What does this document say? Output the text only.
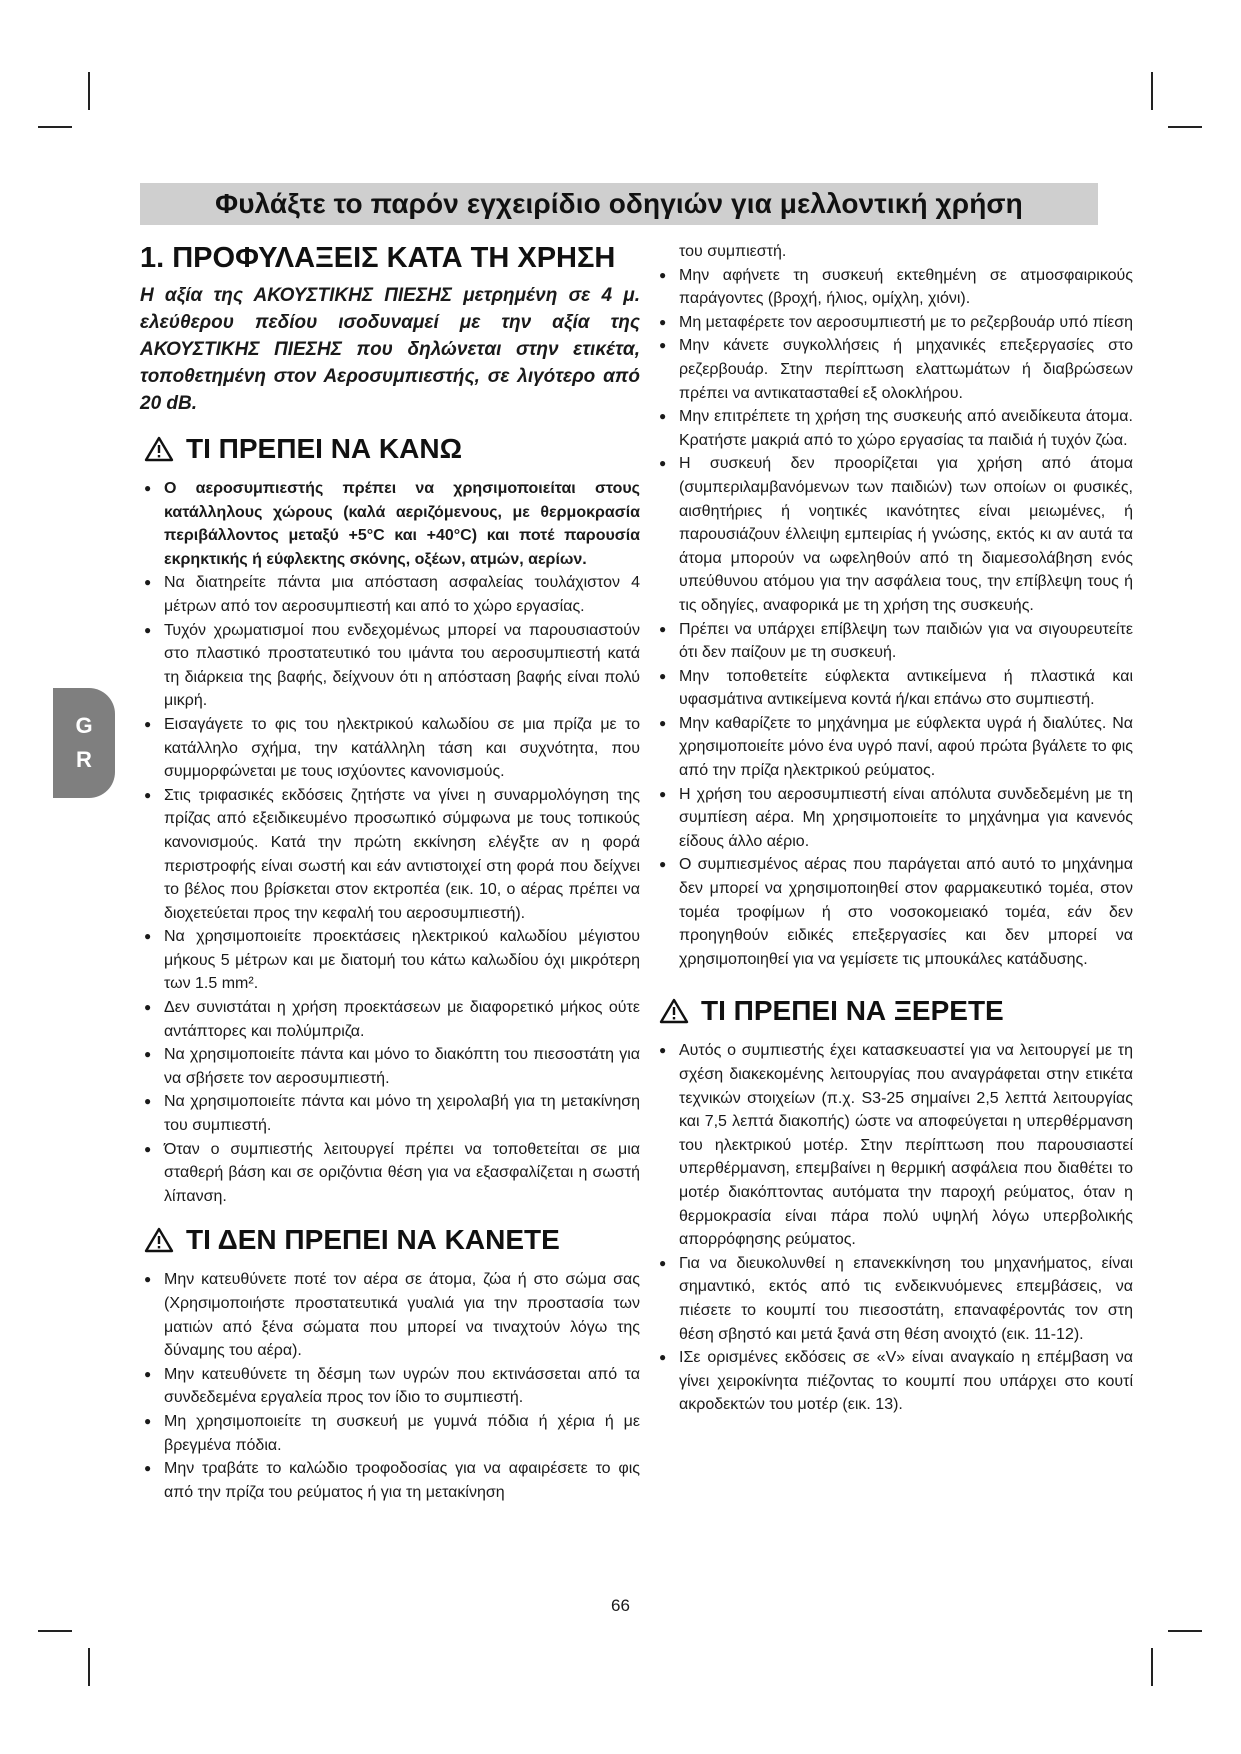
Φυλάξτε το παρόν εγχειρίδιο οδηγιών για μελλοντική χρήση
G
R
1. ΠΡΟΦΥΛΑΞΕΙΣ ΚΑΤΑ ΤΗ ΧΡΗΣΗ

Η αξία της ΑΚΟΥΣΤΙΚΗΣ ΠΙΕΣΗΣ μετρημένη σε 4 μ. ελεύθερου πεδίου ισοδυναμεί με την αξία της ΑΚΟΥΣΤΙΚΗΣ ΠΙΕΣΗΣ που δηλώνεται στην ετικέτα, τοποθετημένη στον Αεροσυμπιεστής, σε λιγότερο από 20 dB.

ΤΙ ΠΡΕΠΕΙ ΝΑ ΚΑΝΩ
● Ο αεροσυμπιεστής πρέπει να χρησιμοποιείται στους κατάλληλους χώρους (καλά αεριζόμενους, με θερμοκρασία περιβάλλοντος μεταξύ +5°C και +40°C) και ποτέ παρουσία εκρηκτικής ή εύφλεκτης σκόνης, οξέων, ατμών, αερίων.
● Να διατηρείτε πάντα μια απόσταση ασφαλείας τουλάχιστον 4 μέτρων από τον αεροσυμπιεστή και από το χώρο εργασίας.
● Τυχόν χρωματισμοί που ενδεχομένως μπορεί να παρουσιαστούν στο πλαστικό προστατευτικό του ιμάντα του αεροσυμπιεστή κατά τη διάρκεια της βαφής, δείχνουν ότι η απόσταση βαφής είναι πολύ μικρή.
● Εισαγάγετε το φις του ηλεκτρικού καλωδίου σε μια πρίζα με το κατάλληλο σχήμα, την κατάλληλη τάση και συχνότητα, που συμμορφώνεται με τους ισχύοντες κανονισμούς.
● Στις τριφασικές εκδόσεις ζητήστε να γίνει η συναρμολόγηση της πρίζας από εξειδικευμένο προσωπικό σύμφωνα με τους τοπικούς κανονισμούς. Κατά την πρώτη εκκίνηση ελέγξτε αν η φορά περιστροφής είναι σωστή και εάν αντιστοιχεί στη φορά που δείχνει το βέλος που βρίσκεται στον εκτροπέα (εικ. 10, ο αέρας πρέπει να διοχετεύεται προς την κεφαλή του αεροσυμπιεστή).
● Να χρησιμοποιείτε προεκτάσεις ηλεκτρικού καλωδίου μέγιστου μήκους 5 μέτρων και με διατομή του κάτω καλωδίου όχι μικρότερη των 1.5 mm².
● Δεν συνιστάται η χρήση προεκτάσεων με διαφορετικό μήκος ούτε αντάπτορες και πολύμπριζα.
● Να χρησιμοποιείτε πάντα και μόνο το διακόπτη του πιεσοστάτη για να σβήσετε τον αεροσυμπιεστή.
● Να χρησιμοποιείτε πάντα και μόνο τη χειρολαβή για τη μετακίνηση του συμπιεστή.
● Όταν ο συμπιεστής λειτουργεί πρέπει να τοποθετείται σε μια σταθερή βάση και σε οριζόντια θέση για να εξασφαλίζεται η σωστή λίπανση.
ΤΙ ΔΕΝ ΠΡΕΠΕΙ ΝΑ ΚΑΝΕΤΕ
● Μην κατευθύνετε ποτέ τον αέρα σε άτομα, ζώα ή στο σώμα σας (Χρησιμοποιήστε προστατευτικά γυαλιά για την προστασία των ματιών από ξένα σώματα που μπορεί να τιναχτούν λόγω της δύναμης του αέρα).
● Μην κατευθύνετε τη δέσμη των υγρών που εκτινάσσεται από τα συνδεδεμένα εργαλεία προς τον ίδιο το συμπιεστή.
● Μη χρησιμοποιείτε τη συσκευή με γυμνά πόδια ή χέρια ή με βρεγμένα πόδια.
● Μην τραβάτε το καλώδιο τροφοδοσίας για να αφαιρέσετε το φις από την πρίζα του ρεύματος ή για τη μετακίνηση
του συμπιεστή.
● Μην αφήνετε τη συσκευή εκτεθημένη σε ατμοσφαιρικούς παράγοντες (βροχή, ήλιος, ομίχλη, χιόνι).
● Μη μεταφέρετε τον αεροσυμπιεστή με το ρεζερβουάρ υπό πίεση
● Μην κάνετε συγκολλήσεις ή μηχανικές επεξεργασίες στο ρεζερβουάρ. Στην περίπτωση ελαττωμάτων ή διαβρώσεων πρέπει να αντικατασταθεί εξ ολοκλήρου.
● Μην επιτρέπετε τη χρήση της συσκευής από ανειδίκευτα άτομα. Κρατήστε μακριά από το χώρο εργασίας τα παιδιά ή τυχόν ζώα.
● Η συσκευή δεν προορίζεται για χρήση από άτομα (συμπεριλαμβανόμενων των παιδιών) των οποίων οι φυσικές, αισθητήριες ή νοητικές ικανότητες είναι μειωμένες, ή παρουσιάζουν έλλειψη εμπειρίας ή γνώσης, εκτός κι αν αυτά τα άτομα μπορούν να ωφεληθούν από τη διαμεσολάβηση ενός υπεύθυνου ατόμου για την ασφάλεια τους, την επίβλεψη τους ή τις οδηγίες, αναφορικά με τη χρήση της συσκευής.
● Πρέπει να υπάρχει επίβλεψη των παιδιών για να σιγουρευτείτε ότι δεν παίζουν με τη συσκευή.
● Μην τοποθετείτε εύφλεκτα αντικείμενα ή πλαστικά και υφασμάτινα αντικείμενα κοντά ή/και επάνω στο συμπιεστή.
● Μην καθαρίζετε το μηχάνημα με εύφλεκτα υγρά ή διαλύτες. Να χρησιμοποιείτε μόνο ένα υγρό πανί, αφού πρώτα βγάλετε το φις από την πρίζα ηλεκτρικού ρεύματος.
● Η χρήση του αεροσυμπιεστή είναι απόλυτα συνδεδεμένη με τη συμπίεση αέρα. Μη χρησιμοποιείτε το μηχάνημα για κανενός είδους άλλο αέριο.
● Ο συμπιεσμένος αέρας που παράγεται από αυτό το μηχάνημα δεν μπορεί να χρησιμοποιηθεί στον φαρμακευτικό τομέα, στον τομέα τροφίμων ή στο νοσοκομειακό τομέα, εάν δεν προηγηθούν ειδικές επεξεργασίες και δεν μπορεί να χρησιμοποιηθεί για να γεμίσετε τις μπουκάλες κατάδυσης.
ΤΙ ΠΡΕΠΕΙ ΝΑ ΞΕΡΕΤΕ
● Αυτός ο συμπιεστής έχει κατασκευαστεί για να λειτουργεί με τη σχέση διακεκομένης λειτουργίας που αναγράφεται στην ετικέτα τεχνικών στοιχείων (π.χ. S3-25 σημαίνει 2,5 λεπτά λειτουργίας και 7,5 λεπτά διακοπής) ώστε να αποφεύγεται η υπερθέρμανση του ηλεκτρικού μοτέρ. Στην περίπτωση που παρουσιαστεί υπερθέρμανση, επεμβαίνει η θερμική ασφάλεια που διαθέτει το μοτέρ διακόπτοντας αυτόματα την παροχή ρεύματος, όταν η θερμοκρασία είναι πάρα πολύ υψηλή λόγω υπερβολικής απορρόφησης ρεύματος.
● Για να διευκολυνθεί η επανεκκίνηση του μηχανήματος, είναι σημαντικό, εκτός από τις ενδεικνυόμενες επεμβάσεις, να πιέσετε το κουμπί του πιεσοστάτη, επαναφέροντάς τον στη θέση σβηστό και μετά ξανά στη θέση ανοιχτό (εικ. 11-12).
● ΙΣε ορισμένες εκδόσεις σε «V» είναι αναγκαίο η επέμβαση να γίνει χειροκίνητα πιέζοντας το κουμπί που υπάρχει στο κουτί ακροδεκτών του μοτέρ (εικ. 13).
66
